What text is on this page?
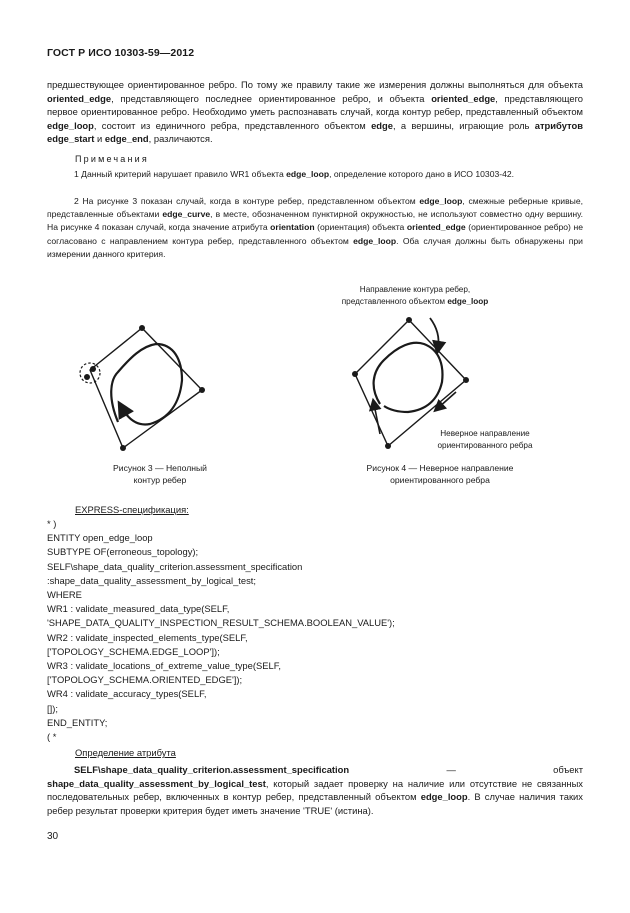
ГОСТ Р ИСО 10303-59—2012
предшествующее ориентированное ребро. По тому же правилу такие же измерения должны выполняться для объекта oriented_edge, представляющего последнее ориентированное ребро, и объекта oriented_edge, представляющего первое ориентированное ребро. Необходимо уметь распознавать случай, когда контур ребер, представленный объектом edge_loop, состоит из единичного ребра, представленного объектом edge, а вершины, играющие роль атрибутов edge_start и edge_end, различаются.
Примечания
1 Данный критерий нарушает правило WR1 объекта edge_loop, определение которого дано в ИСО 10303-42.
2 На рисунке 3 показан случай, когда в контуре ребер, представленном объектом edge_loop, смежные реберные кривые, представленные объектами edge_curve, в месте, обозначенном пунктирной окружностью, не используют совместно одну вершину. На рисунке 4 показан случай, когда значение атрибута orientation (ориентация) объекта oriented_edge (ориентированное ребро) не согласовано с направлением контура ребер, представленного объектом edge_loop. Оба случая должны быть обнаружены при измерении данного критерия.
Рисунок 3 — Неполный
контур ребер
Направление контура ребер,
представленного объектом edge_loop
Неверное направление
ориентированного ребра
Рисунок 4 — Неверное направление
ориентированного ребра
EXPRESS-спецификация:
* )
ENTITY open_edge_loop
SUBTYPE OF(erroneous_topology);
SELF\shape_data_quality_criterion.assessment_specification
:shape_data_quality_assessment_by_logical_test;
WHERE
WR1 : validate_measured_data_type(SELF,
'SHAPE_DATA_QUALITY_INSPECTION_RESULT_SCHEMA.BOOLEAN_VALUE');
WR2 : validate_inspected_elements_type(SELF,
['TOPOLOGY_SCHEMA.EDGE_LOOP']);
WR3 : validate_locations_of_extreme_value_type(SELF,
['TOPOLOGY_SCHEMA.ORIENTED_EDGE']);
WR4 : validate_accuracy_types(SELF,
[]);
END_ENTITY;
( *
Определение атрибута
SELF\shape_data_quality_criterion.assessment_specification — объект shape_data_quality_assessment_by_logical_test, который задает проверку на наличие или отсутствие не связанных последовательных ребер, включенных в контур ребер, представленный объектом edge_loop. В случае наличия таких ребер результат проверки критерия будет иметь значение 'TRUE' (истина).
30
